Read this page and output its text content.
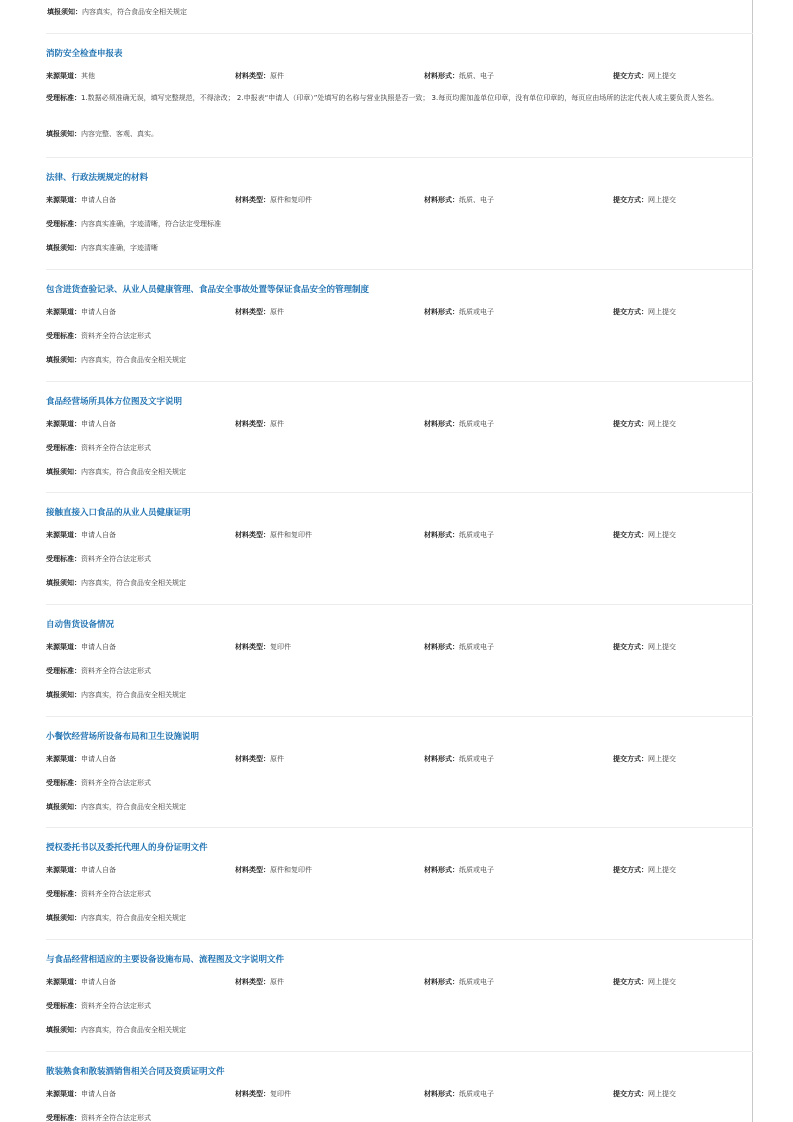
填报须知：内容真实，符合食品安全相关规定
消防安全检查申报表
来源渠道：其他	材料类型：原件	材料形式：纸质、电子	提交方式：网上提交
受理标准：1.数据必须准确无误，填写完整规范，不得涂改； 2.申报表“申请人（印章）”处填写的名称与营业执照是否一致； 3.每页均需加盖单位印章，没有单位印章的，每页应由场所的法定代表人或主要负责人签名。
填报须知：内容完整、客观、真实。
法律、行政法规规定的材料
来源渠道：申请人自备	材料类型：原件和复印件	材料形式：纸质、电子	提交方式：网上提交
受理标准：内容真实准确，字迹清晰，符合法定受理标准
填报须知：内容真实准确，字迹清晰
包含进货查验记录、从业人员健康管理、食品安全事故处置等保证食品安全的管理制度
来源渠道：申请人自备	材料类型：原件	材料形式：纸质或电子	提交方式：网上提交
受理标准：资料齐全符合法定形式
填报须知：内容真实，符合食品安全相关规定
食品经营场所具体方位图及文字说明
来源渠道：申请人自备	材料类型：原件	材料形式：纸质或电子	提交方式：网上提交
受理标准：资料齐全符合法定形式
填报须知：内容真实，符合食品安全相关规定
接触直接入口食品的从业人员健康证明
来源渠道：申请人自备	材料类型：原件和复印件	材料形式：纸质或电子	提交方式：网上提交
受理标准：资料齐全符合法定形式
填报须知：内容真实，符合食品安全相关规定
自动售货设备情况
来源渠道：申请人自备	材料类型：复印件	材料形式：纸质或电子	提交方式：网上提交
受理标准：资料齐全符合法定形式
填报须知：内容真实，符合食品安全相关规定
小餐饮经营场所设备布局和卫生设施说明
来源渠道：申请人自备	材料类型：原件	材料形式：纸质或电子	提交方式：网上提交
受理标准：资料齐全符合法定形式
填报须知：内容真实，符合食品安全相关规定
授权委托书以及委托代理人的身份证明文件
来源渠道：申请人自备	材料类型：原件和复印件	材料形式：纸质或电子	提交方式：网上提交
受理标准：资料齐全符合法定形式
填报须知：内容真实，符合食品安全相关规定
与食品经营相适应的主要设备设施布局、流程图及文字说明文件
来源渠道：申请人自备	材料类型：原件	材料形式：纸质或电子	提交方式：网上提交
受理标准：资料齐全符合法定形式
填报须知：内容真实，符合食品安全相关规定
散装熟食和散装酒销售相关合同及资质证明文件
来源渠道：申请人自备	材料类型：复印件	材料形式：纸质或电子	提交方式：网上提交
受理标准：资料齐全符合法定形式
